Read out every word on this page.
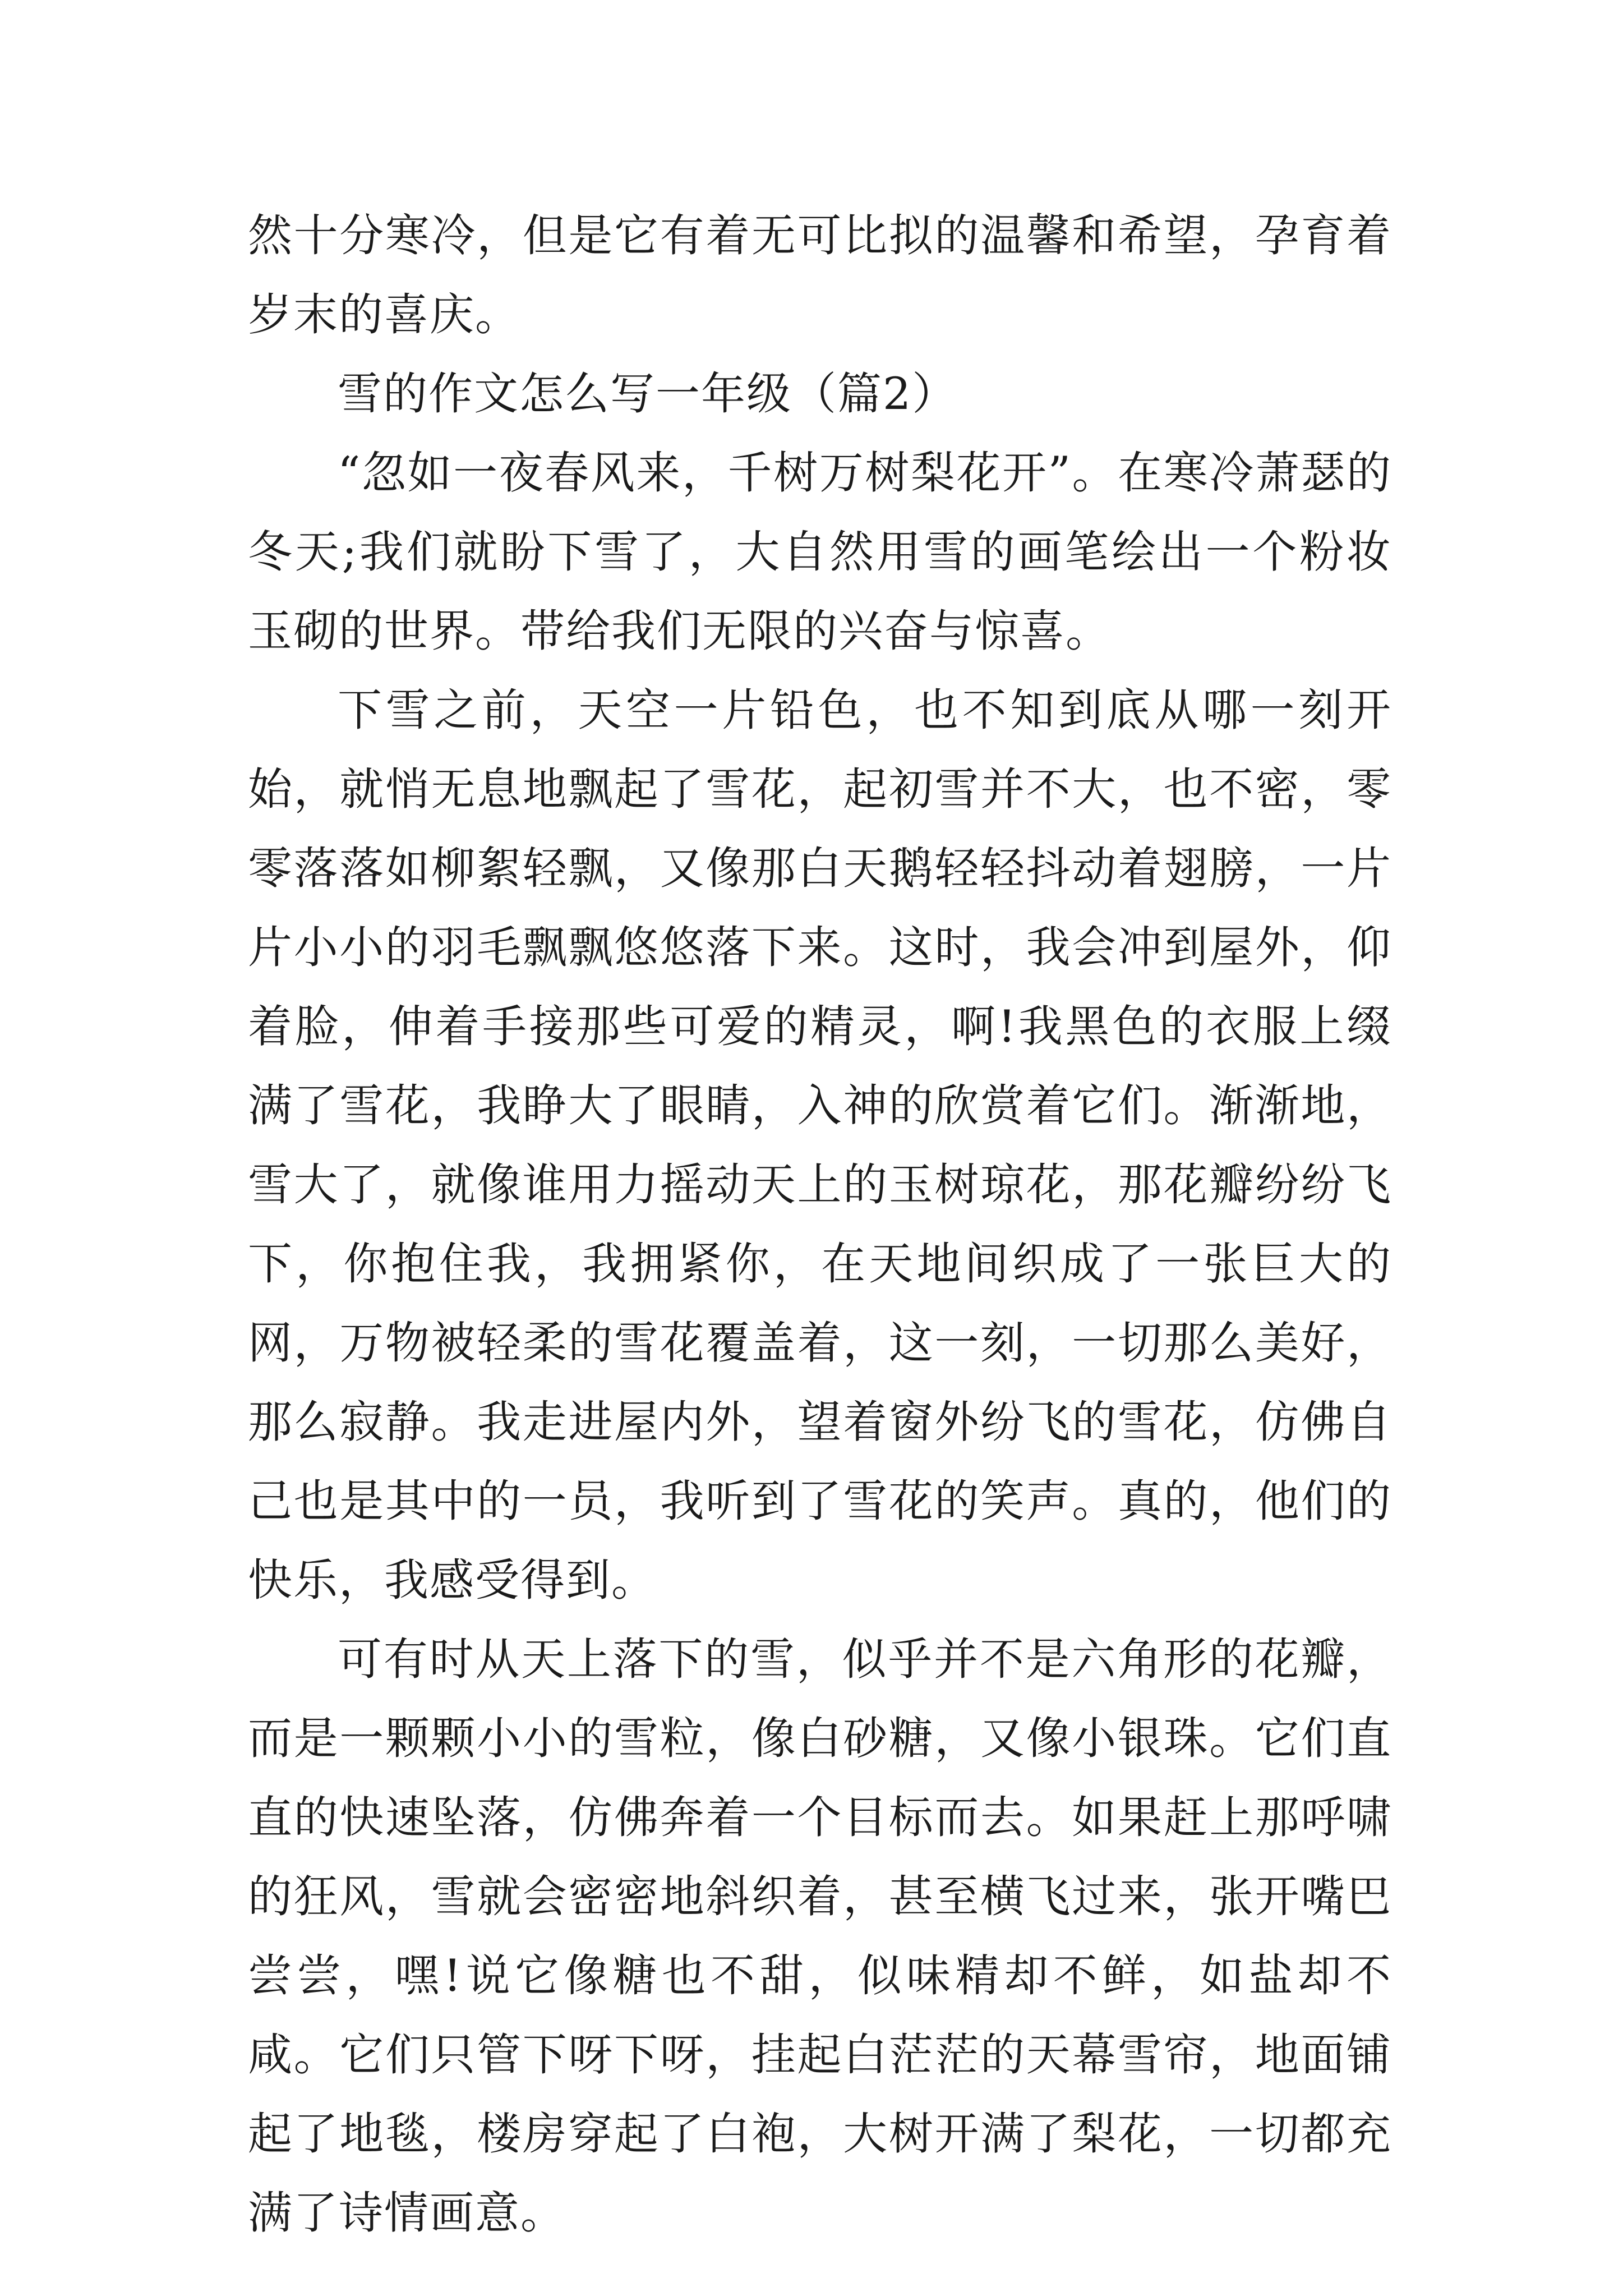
然十分寒冷，但是它有着无可比拟的温馨和希望，孕育着岁末的喜庆。

雪的作文怎么写一年级（篇2）

“忽如一夜春风来，千树万树梨花开”。在寒冷萧瑟的冬天;我们就盼下雪了，大自然用雪的画笔绘出一个粉妆玉砌的世界。带给我们无限的兴奋与惊喜。

下雪之前，天空一片铅色，也不知到底从哪一刻开始，就悄无息地飘起了雪花，起初雪并不大，也不密，零零落落如柳絮轻飘，又像那白天鹅轻轻抖动着翅膀，一片片小小的羽毛飘飘悠悠落下来。这时，我会冲到屋外，仰着脸，伸着手接那些可爱的精灵，啊!我黑色的衣服上缀满了雪花，我睁大了眼睛，入神的欣赏着它们。渐渐地，雪大了，就像谁用力摇动天上的玉树琼花，那花瓣纷纷飞下，你抱住我，我拥紧你，在天地间织成了一张巨大的网，万物被轻柔的雪花覆盖着，这一刻，一切那么美好，那么寂静。我走进屋内外，望着窗外纷飞的雪花，仿佛自己也是其中的一员，我听到了雪花的笑声。真的，他们的快乐，我感受得到。

可有时从天上落下的雪，似乎并不是六角形的花瓣，而是一颗颗小小的雪粒，像白砂糖，又像小银珠。它们直直的快速坠落，仿佛奔着一个目标而去。如果赶上那呼啸的狂风，雪就会密密地斜织着，甚至横飞过来，张开嘴巴尝尝，嘿!说它像糖也不甜，似味精却不鲜，如盐却不咸。它们只管下呀下呀，挂起白茫茫的天幕雪帘，地面铺起了地毯，楼房穿起了白袍，大树开满了梨花，一切都充满了诗情画意。
